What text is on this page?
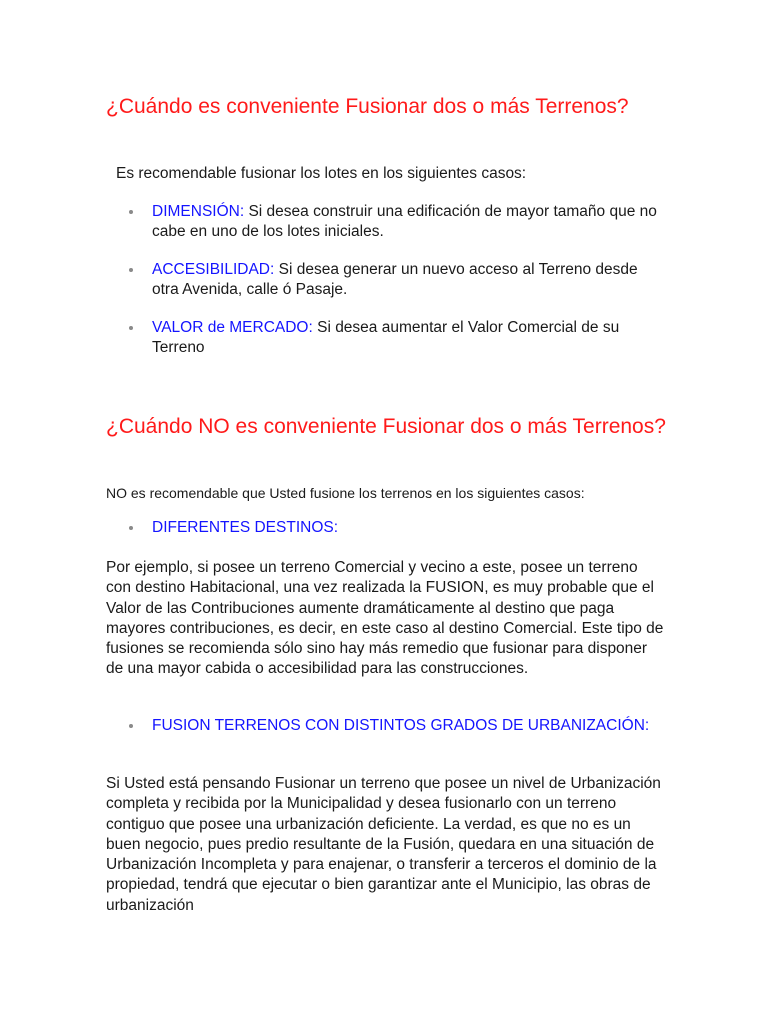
¿Cuándo es conveniente Fusionar dos o más Terrenos?

Es recomendable fusionar los lotes en los siguientes casos:

DIMENSIÓN: Si desea construir una edificación de mayor tamaño que no cabe en uno de los lotes iniciales.
ACCESIBILIDAD: Si desea generar un nuevo acceso al Terreno desde otra Avenida, calle ó Pasaje.
VALOR de MERCADO: Si desea aumentar el Valor Comercial de su Terreno
¿Cuándo NO es conveniente Fusionar dos o más Terrenos?

NO es recomendable que Usted fusione los terrenos en los siguientes casos:

DIFERENTES DESTINOS:

Por ejemplo, si posee un terreno Comercial y vecino a este, posee un terreno con destino Habitacional, una vez realizada la FUSION, es muy probable que el Valor de las Contribuciones aumente dramáticamente al destino que paga mayores contribuciones, es decir, en este caso al destino Comercial. Este tipo de fusiones se recomienda sólo sino hay más remedio que fusionar para disponer de una mayor cabida o accesibilidad para las construcciones.

FUSION TERRENOS CON DISTINTOS GRADOS DE URBANIZACIÓN:

Si Usted está pensando Fusionar un terreno que posee un nivel de Urbanización completa y recibida por la Municipalidad y desea fusionarlo con un terreno contiguo que posee una urbanización deficiente. La verdad, es que no es un buen negocio, pues predio resultante de la Fusión, quedara en una situación de Urbanización Incompleta y para enajenar, o transferir a terceros el dominio de la propiedad, tendrá que ejecutar o bien garantizar ante el Municipio, las obras de urbanización
